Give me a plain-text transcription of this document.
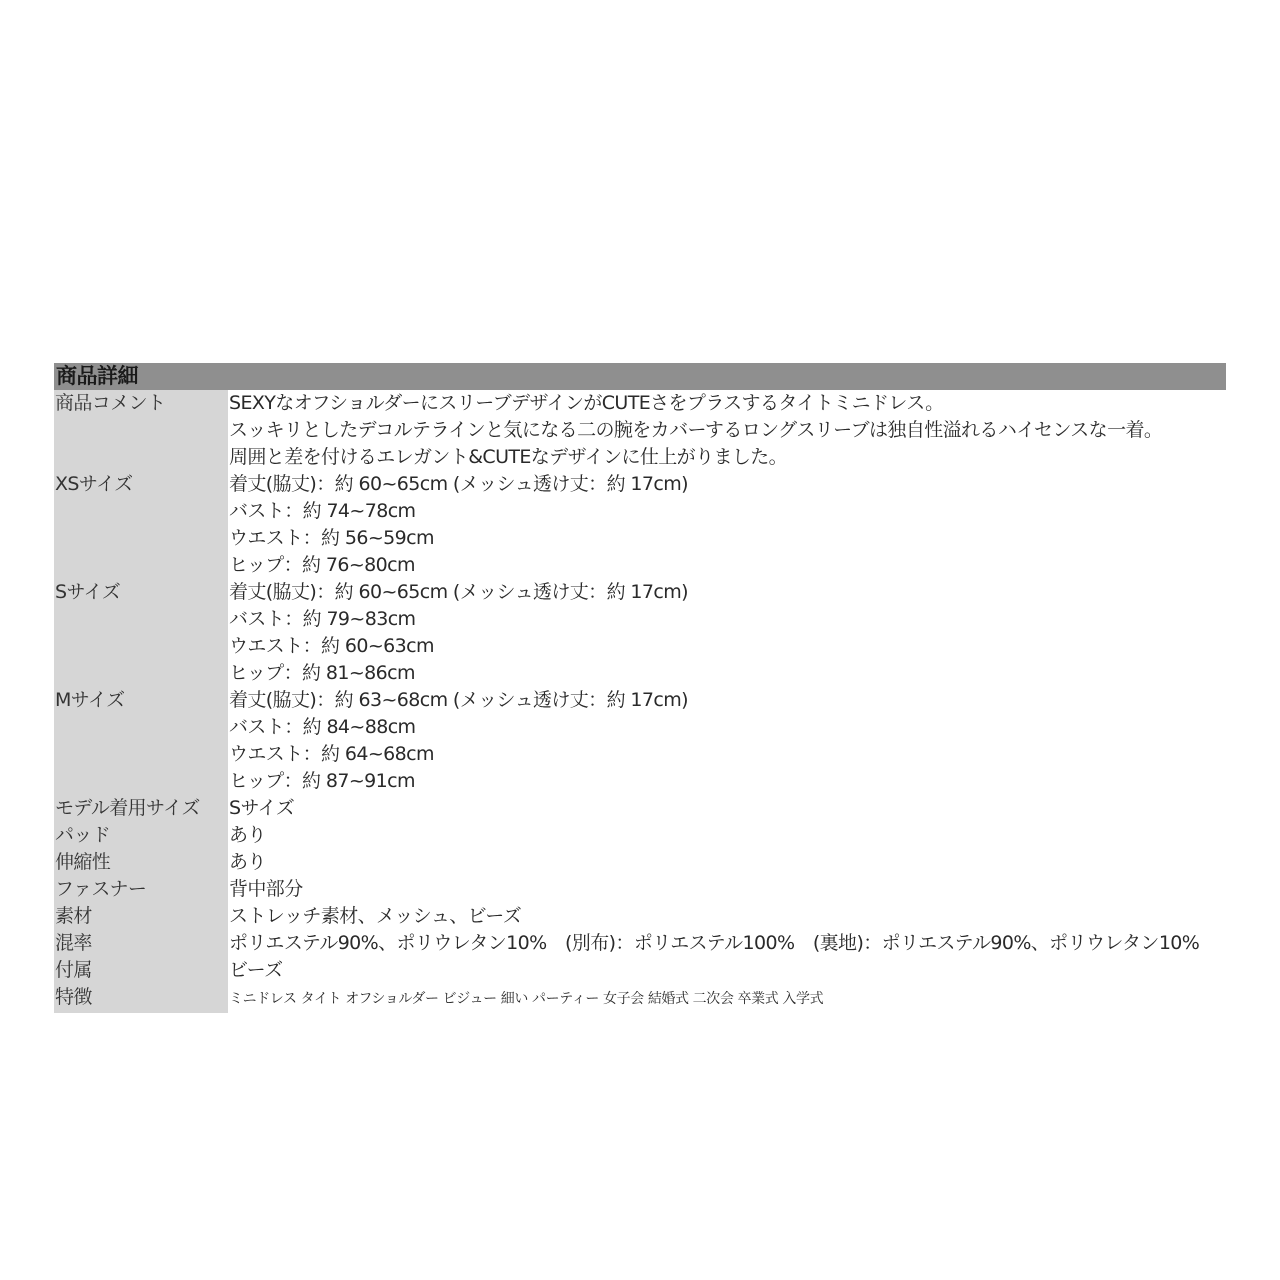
商品詳細
商品コメント	SEXYなオフショルダーにスリーブデザインがCUTEさをプラスするタイトミニドレス。
スッキリとしたデコルテラインと気になる二の腕をカバーするロングスリーブは独自性溢れるハイセンスな一着。
周囲と差を付けるエレガント&CUTEなデザインに仕上がりました。

XSサイズ	着丈(脇丈)：約 60~65cm (メッシュ透け丈：約 17cm)
バスト：約 74~78cm
ウエスト：約 56~59cm
ヒップ：約 76~80cm

Sサイズ	着丈(脇丈)：約 60~65cm (メッシュ透け丈：約 17cm)
バスト：約 79~83cm
ウエスト：約 60~63cm
ヒップ：約 81~86cm

Mサイズ	着丈(脇丈)：約 63~68cm (メッシュ透け丈：約 17cm)
バスト：約 84~88cm
ウエスト：約 64~68cm
ヒップ：約 87~91cm

モデル着用サイズ	Sサイズ
パッド	あり
伸縮性	あり
ファスナー	背中部分
素材	ストレッチ素材、メッシュ、ビーズ
混率	ポリエステル90%、ポリウレタン10%　(別布)：ポリエステル100%　(裏地)：ポリエステル90%、ポリウレタン10%

付属	ビーズ
特徴	ミニドレス タイト オフショルダー ビジュー 細い パーティー 女子会 結婚式 二次会 卒業式 入学式
